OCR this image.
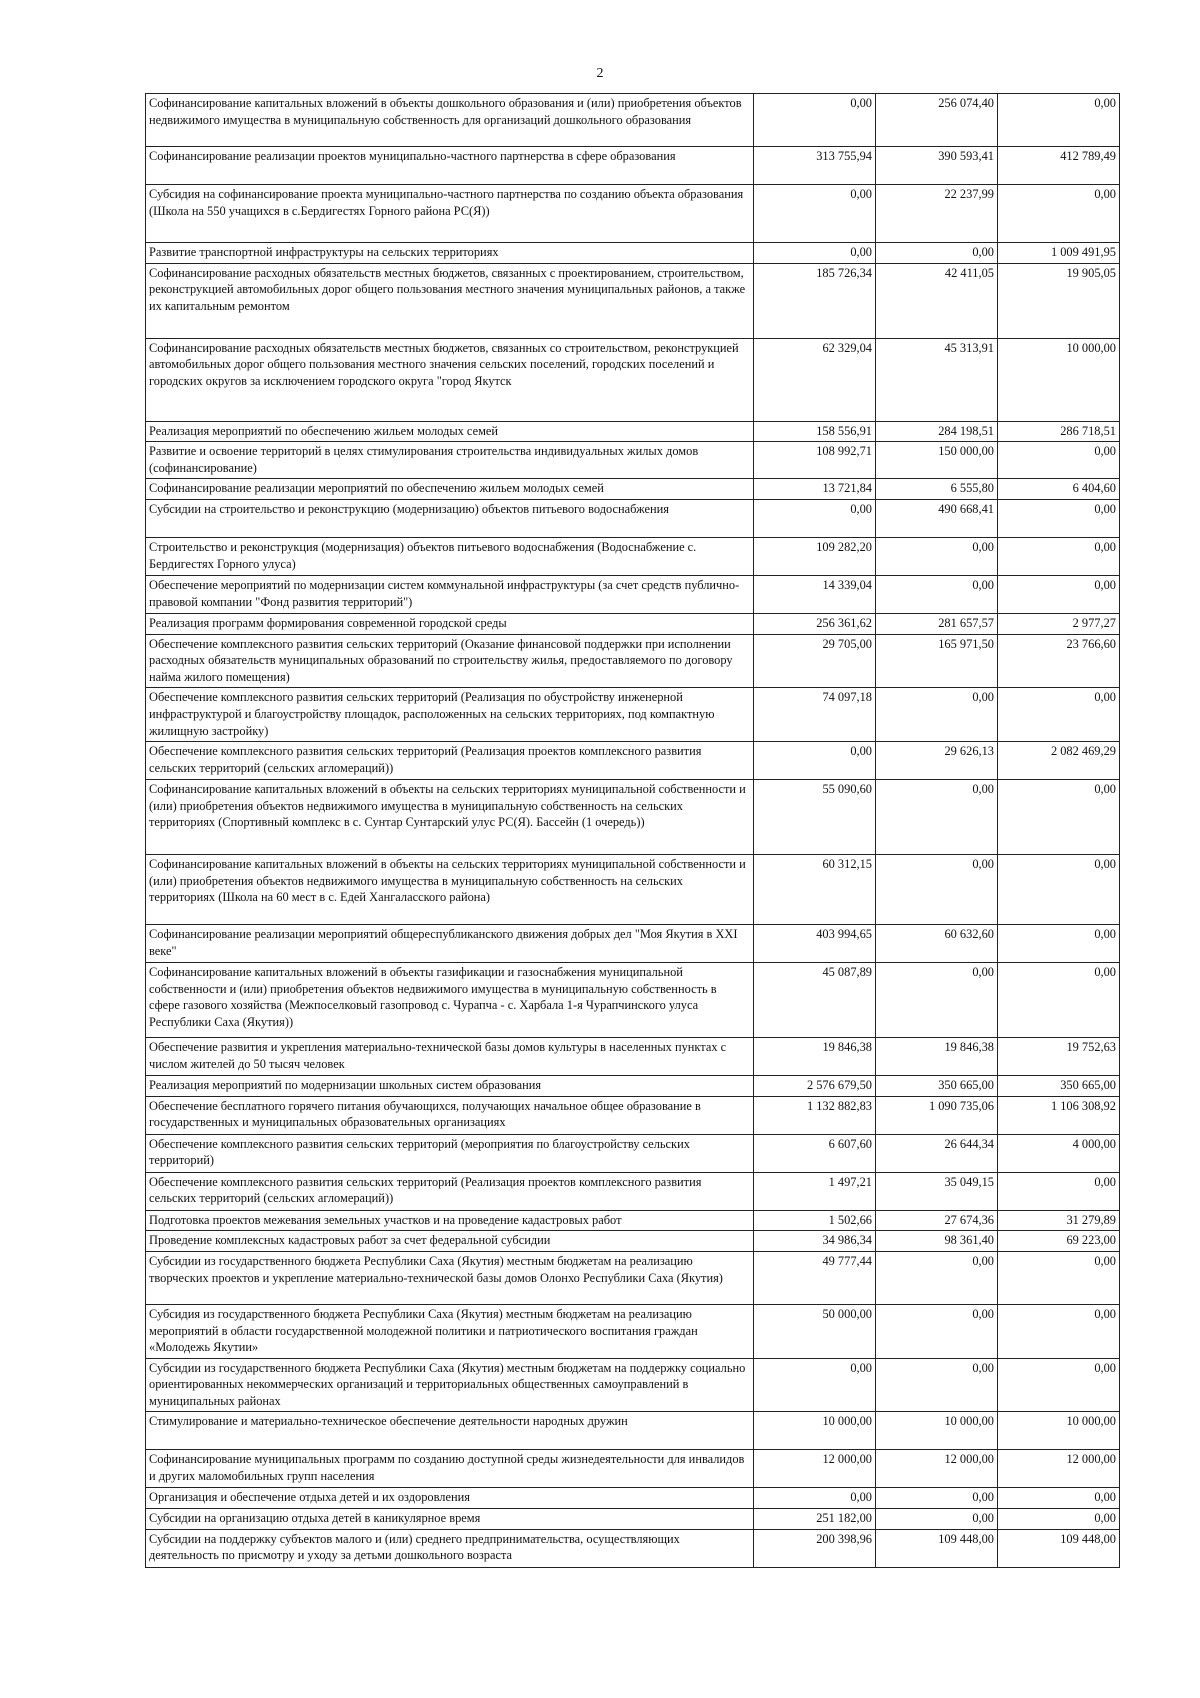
2
Софинансирование капитальных вложений в объекты дошкольного образования и (или) приобретения объектов недвижимого имущества в муниципальную собственность для организаций дошкольного образования	0,00	256 074,40	0,00
Софинансирование реализации проектов муниципально-частного партнерства в сфере образования	313 755,94	390 593,41	412 789,49
Субсидия на софинансирование проекта муниципально-частного партнерства по созданию объекта образования (Школа на 550 учащихся в с.Бердигестях Горного района РС(Я))	0,00	22 237,99	0,00
Развитие транспортной инфраструктуры на сельских территориях	0,00	0,00	1 009 491,95
Софинансирование расходных обязательств местных бюджетов, связанных с проектированием, строительством, реконструкцией автомобильных дорог общего пользования местного значения муниципальных районов, а также их капитальным ремонтом	185 726,34	42 411,05	19 905,05
Софинансирование расходных обязательств местных бюджетов, связанных со строительством, реконструкцией автомобильных дорог общего пользования местного значения сельских поселений, городских поселений и городских округов за исключением городского округа "город Якутск	62 329,04	45 313,91	10 000,00
Реализация мероприятий по обеспечению жильем молодых семей	158 556,91	284 198,51	286 718,51
Развитие и освоение территорий в целях стимулирования строительства индивидуальных жилых домов (софинансирование)	108 992,71	150 000,00	0,00
Софинансирование реализации мероприятий по обеспечению жильем молодых семей	13 721,84	6 555,80	6 404,60
Субсидии на строительство и реконструкцию (модернизацию) объектов питьевого водоснабжения	0,00	490 668,41	0,00
Строительство и реконструкция (модернизация) объектов питьевого водоснабжения (Водоснабжение с. Бердигестях Горного улуса)	109 282,20	0,00	0,00
Обеспечение мероприятий по модернизации систем коммунальной инфраструктуры (за счет средств публично-правовой компании "Фонд развития территорий")	14 339,04	0,00	0,00
Реализация программ формирования современной городской среды	256 361,62	281 657,57	2 977,27
Обеспечение комплексного развития сельских территорий (Оказание финансовой поддержки при исполнении расходных обязательств муниципальных образований по строительству жилья, предоставляемого по договору найма жилого помещения)	29 705,00	165 971,50	23 766,60
Обеспечение комплексного развития сельских территорий (Реализация по обустройству инженерной инфраструктурой и благоустройству площадок, расположенных на сельских территориях, под компактную жилищную застройку)	74 097,18	0,00	0,00
Обеспечение комплексного развития сельских территорий (Реализация проектов комплексного развития сельских территорий (сельских агломераций))	0,00	29 626,13	2 082 469,29
Софинансирование капитальных вложений в объекты на сельских территориях муниципальной собственности и (или) приобретения объектов недвижимого имущества в муниципальную собственность на сельских территориях (Спортивный комплекс в с. Сунтар Сунтарский улус РС(Я). Бассейн (1 очередь))	55 090,60	0,00	0,00
Софинансирование капитальных вложений в объекты на сельских территориях муниципальной собственности и (или) приобретения объектов недвижимого имущества в муниципальную собственность на сельских территориях (Школа на 60 мест в с. Едей Хангаласского района)	60 312,15	0,00	0,00
Софинансирование реализации мероприятий общереспубликанского движения добрых дел "Моя Якутия в XXI веке"	403 994,65	60 632,60	0,00
Софинансирование капитальных вложений в объекты газификации и газоснабжения муниципальной собственности и (или) приобретения объектов недвижимого имущества в муниципальную собственность в сфере газового хозяйства (Межпоселковый газопровод с. Чурапча - с. Харбала 1-я Чурапчинского улуса Республики Саха (Якутия))	45 087,89	0,00	0,00
Обеспечение развития и укрепления материально-технической базы домов культуры в населенных пунктах с числом жителей до 50 тысяч человек	19 846,38	19 846,38	19 752,63
Реализация мероприятий по модернизации школьных систем образования	2 576 679,50	350 665,00	350 665,00
Обеспечение бесплатного горячего питания обучающихся, получающих начальное общее образование в государственных и муниципальных образовательных организациях	1 132 882,83	1 090 735,06	1 106 308,92
Обеспечение комплексного развития сельских территорий (мероприятия по благоустройству сельских территорий)	6 607,60	26 644,34	4 000,00
Обеспечение комплексного развития сельских территорий (Реализация проектов комплексного развития сельских территорий (сельских агломераций))	1 497,21	35 049,15	0,00
Подготовка проектов межевания земельных участков и на проведение кадастровых работ	1 502,66	27 674,36	31 279,89
Проведение комплексных кадастровых работ за счет федеральной субсидии	34 986,34	98 361,40	69 223,00
Субсидии из государственного бюджета Республики Саха (Якутия) местным бюджетам на реализацию творческих проектов и укрепление материально-технической базы домов Олонхо Республики Саха (Якутия)	49 777,44	0,00	0,00
Субсидия из государственного бюджета Республики Саха (Якутия) местным бюджетам на реализацию мероприятий в области государственной молодежной политики и патриотического воспитания граждан «Молодежь Якутии»	50 000,00	0,00	0,00
Субсидии из государственного бюджета Республики Саха (Якутия) местным бюджетам на поддержку социально ориентированных некоммерческих организаций и территориальных общественных самоуправлений в муниципальных районах	0,00	0,00	0,00
Стимулирование и материально-техническое обеспечение деятельности народных дружин	10 000,00	10 000,00	10 000,00
Софинансирование муниципальных программ по созданию доступной среды жизнедеятельности для инвалидов и других маломобильных групп населения	12 000,00	12 000,00	12 000,00
Организация и обеспечение отдыха детей и их оздоровления	0,00	0,00	0,00
Субсидии на организацию отдыха детей в каникулярное время	251 182,00	0,00	0,00
Субсидии на поддержку субъектов малого и (или) среднего предпринимательства, осуществляющих деятельность по присмотру и уходу за детьми дошкольного возраста	200 398,96	109 448,00	109 448,00
